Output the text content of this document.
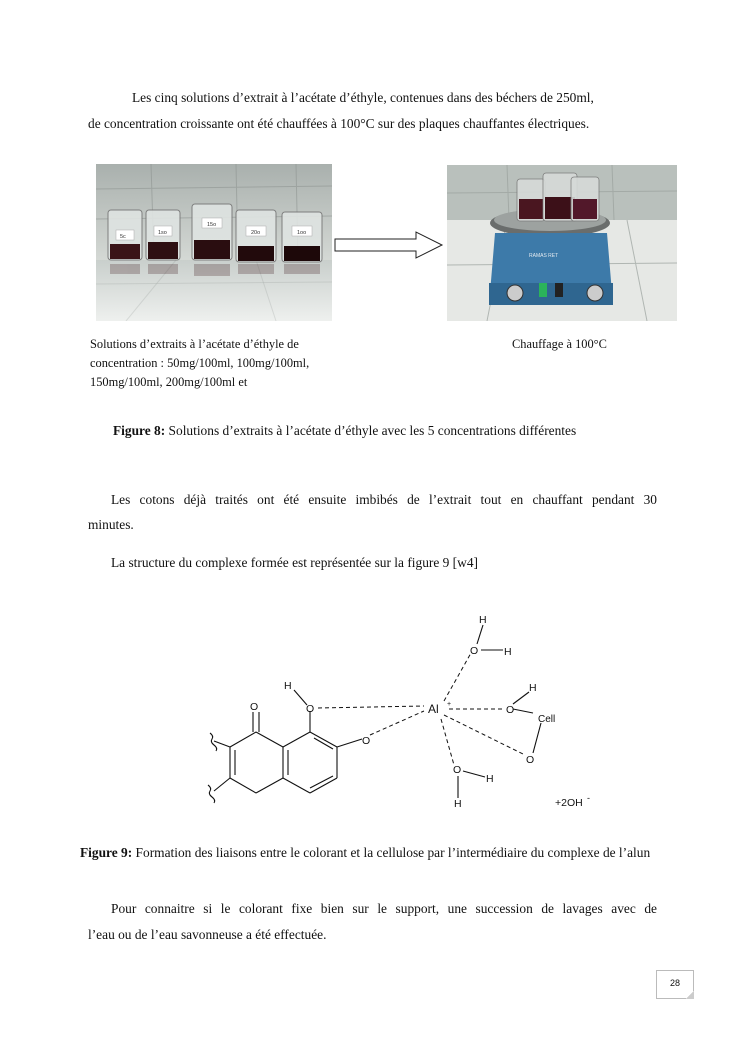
Les cinq solutions d’extrait à l’acétate d’éthyle, contenues dans des béchers de 250ml,
de concentration croissante ont été chauffées à 100°C sur des plaques chauffantes électriques.
5c
1so
15o
20o	1oo
RAMAS RET
Solutions d’extraits à l’acétate d’éthyle de
concentration : 50mg/100ml, 100mg/100ml,
150mg/100ml, 200mg/100ml et
Chauffage à 100°C
Figure 8: Solutions d’extraits à l’acétate d’éthyle avec les 5 concentrations différentes
Les cotons déjà traités ont été ensuite imbibés de l’extrait tout en chauffant pendant 30
minutes.
La structure du complexe formée est représentée sur la figure 9 [w4]
O
H
O
O
Al +
H
O H
H
O
Cell
O
O
H
H	+2OH -
Figure 9: Formation des liaisons entre le colorant et la cellulose par l’intermédiaire du complexe de l’alun
Pour connaitre si le colorant fixe bien sur le support, une succession de lavages avec de
l’eau ou de l’eau savonneuse a été effectuée.
28
